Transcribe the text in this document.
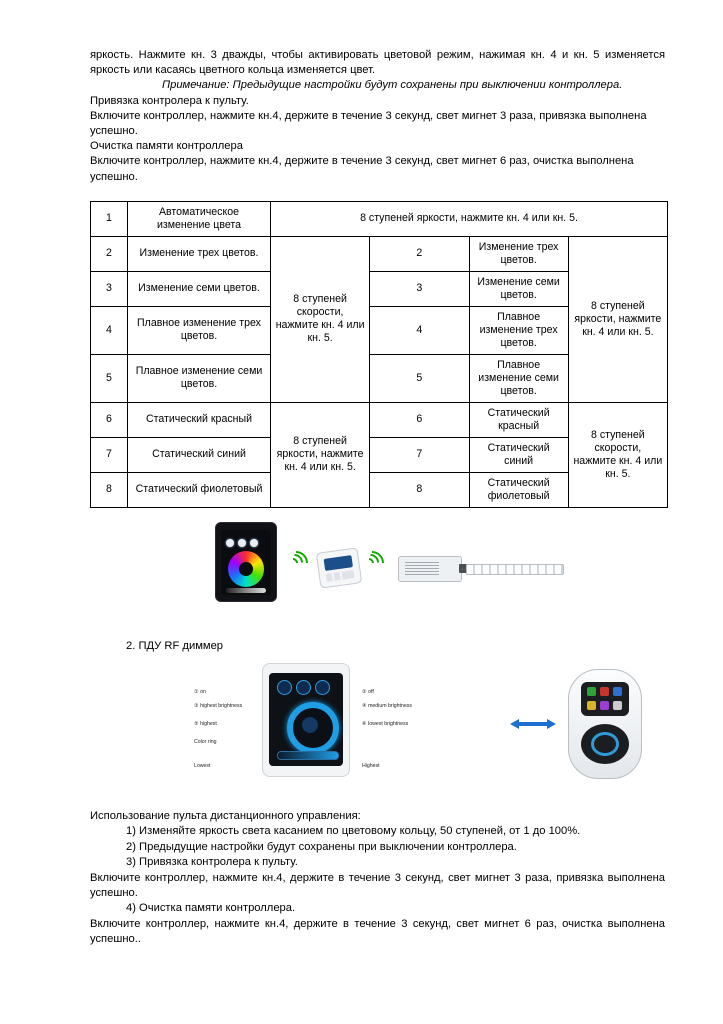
яркость. Нажмите кн. 3 дважды, чтобы активировать цветовой режим, нажимая кн. 4 и кн. 5 изменяется яркость или касаясь цветного кольца изменяется цвет.

Примечание: Предыдущие настройки будут сохранены при выключении контроллера.

Привязка контролера к пульту.

Включите контроллер, нажмите кн.4, держите в течение 3 секунд, свет мигнет 3 раза, привязка выполнена успешно.

Очистка памяти контроллера

Включите контроллер, нажмите кн.4, держите в течение 3 секунд, свет мигнет 6 раз, очистка выполнена успешно.

1	Автоматическое изменение цвета	8 ступеней яркости, нажмите кн. 4 или кн. 5.			
2	Изменение трех цветов.	8 ступеней скорости, нажмите кн. 4 или кн. 5.	2	Изменение трех цветов.	8 ступеней яркости, нажмите кн. 4 или кн. 5.
3	Изменение семи цветов.		3	Изменение семи цветов.	
4	Плавное изменение трех цветов.		4	Плавное изменение трех цветов.	
5	Плавное изменение семи цветов.		5	Плавное изменение семи цветов.	
6	Статический красный	8 ступеней яркости, нажмите кн. 4 или кн. 5.	6	Статический красный	8 ступеней скорости, нажмите кн. 4 или кн. 5.
7	Статический синий		7	Статический синий	
8	Статический фиолетовый		8	Статический фиолетовый	

2. ПДУ RF диммер

① on
③ highest brightness
⑤ highest
Color ring
Lowest
② off
④ medium brightness
⑥ lowest brightness
Highest

Использование пульта дистанционного управления:

1) Изменяйте яркость света касанием по цветовому кольцу, 50 ступеней, от 1 до 100%.

2) Предыдущие настройки будут сохранены при выключении контроллера.

3) Привязка контролера к пульту.

Включите контроллер, нажмите кн.4, держите в течение 3 секунд, свет мигнет 3 раза, привязка выполнена успешно.

4) Очистка памяти контроллера.

Включите контроллер, нажмите кн.4, держите в течение 3 секунд, свет мигнет 6 раз, очистка выполнена успешно..
